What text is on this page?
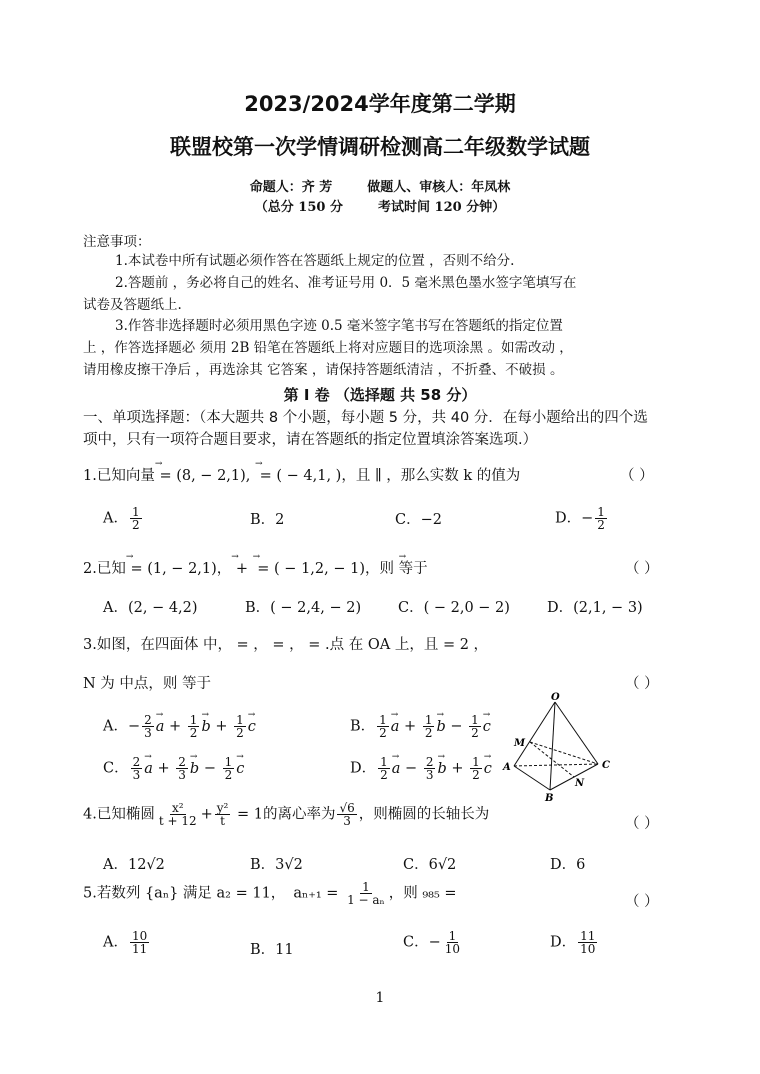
2023/2024学年度第二学期
联盟校第一次学情调研检测高二年级数学试题
命题人：齐 芳	做题人、审核人：年凤林
（总分 150 分	考试时间 120 分钟）
注意事项：
1.本试卷中所有试题必须作答在答题纸上规定的位置 ，否则不给分.
2.答题前 ，务必将自己的姓名、准考证号用 0．5 毫米黑色墨水签字笔填写在
试卷及答题纸上.
3.作答非选择题时必须用黑色字迹 0.5 毫米签字笔书写在答题纸的指定位置
上 ，作答选择题必 须用 2B 铅笔在答题纸上将对应题目的选项涂黑 。如需改动 ，
请用橡皮擦干净后 ，再选涂其 它答案 ，请保持答题纸清洁 ，不折叠、不破损 。
第 I 卷 （选择题 共 58 分）
一、单项选择题：（本大题共 8 个小题，每小题 5 分，共 40 分．在每小题给出的四个选
项中，只有一项符合题目要求，请在答题纸的指定位置填涂答案选项.）
1.已知向量 = (8, − 2,1),  = ( − 4,1, )，且 ∥ ，那么实数 k 的值为	（ ）
A． $\frac{1}{2}$	B．2	C．−2	D．− $\frac{1}{2}$
2.已知 = (1, − 2,1)， +  = ( − 1,2, − 1)，则 等于	（ ）
A．(2, − 4,2)	B．( − 2,4, − 2)	C．( − 2,0 − 2)	D．(2,1, − 3)
3.如图，在四面体 中， = ， = ， = .点 在 OA 上，且 = 2 ，
N 为 中点，则 等于	（ ）
A．− $\frac{2}{3}$
→ $a + \frac{1}{2}$
→ $b + \frac{1}{2}$
→ c	B． $\frac{1}{2}$
→ $a + \frac{1}{2}$
→ $b - \frac{1}{2}$
→ c
C． $\frac{2}{3}$
→ $a + \frac{2}{3}$
→ $b - \frac{1}{2}$
→ c	D． $\frac{1}{2}$
→ $a - \frac{2}{3}$
→ $b + \frac{1}{2}$
→ c
O
M
A
B
N
C
4.已知椭圆 $\frac{\text{x²}}{t + 12} + \frac{\text{y²}}{t} = 1$的离心率为 $\frac{√6}{3}$ ，则椭圆的长轴长为
（ ）
A．12√2	B．3√2	C．6√2	D．6
5.若数列 {aₙ} 满足 a₂ = 11， $a_{n+1} = \frac{1}{\text{1 − aₙ}}$ ，则 ₉₈₅ =
（ ）
A． $\frac{10}{11}$	B．11	C．− $\frac{1}{10}$	D． $\frac{11}{10}$
1
